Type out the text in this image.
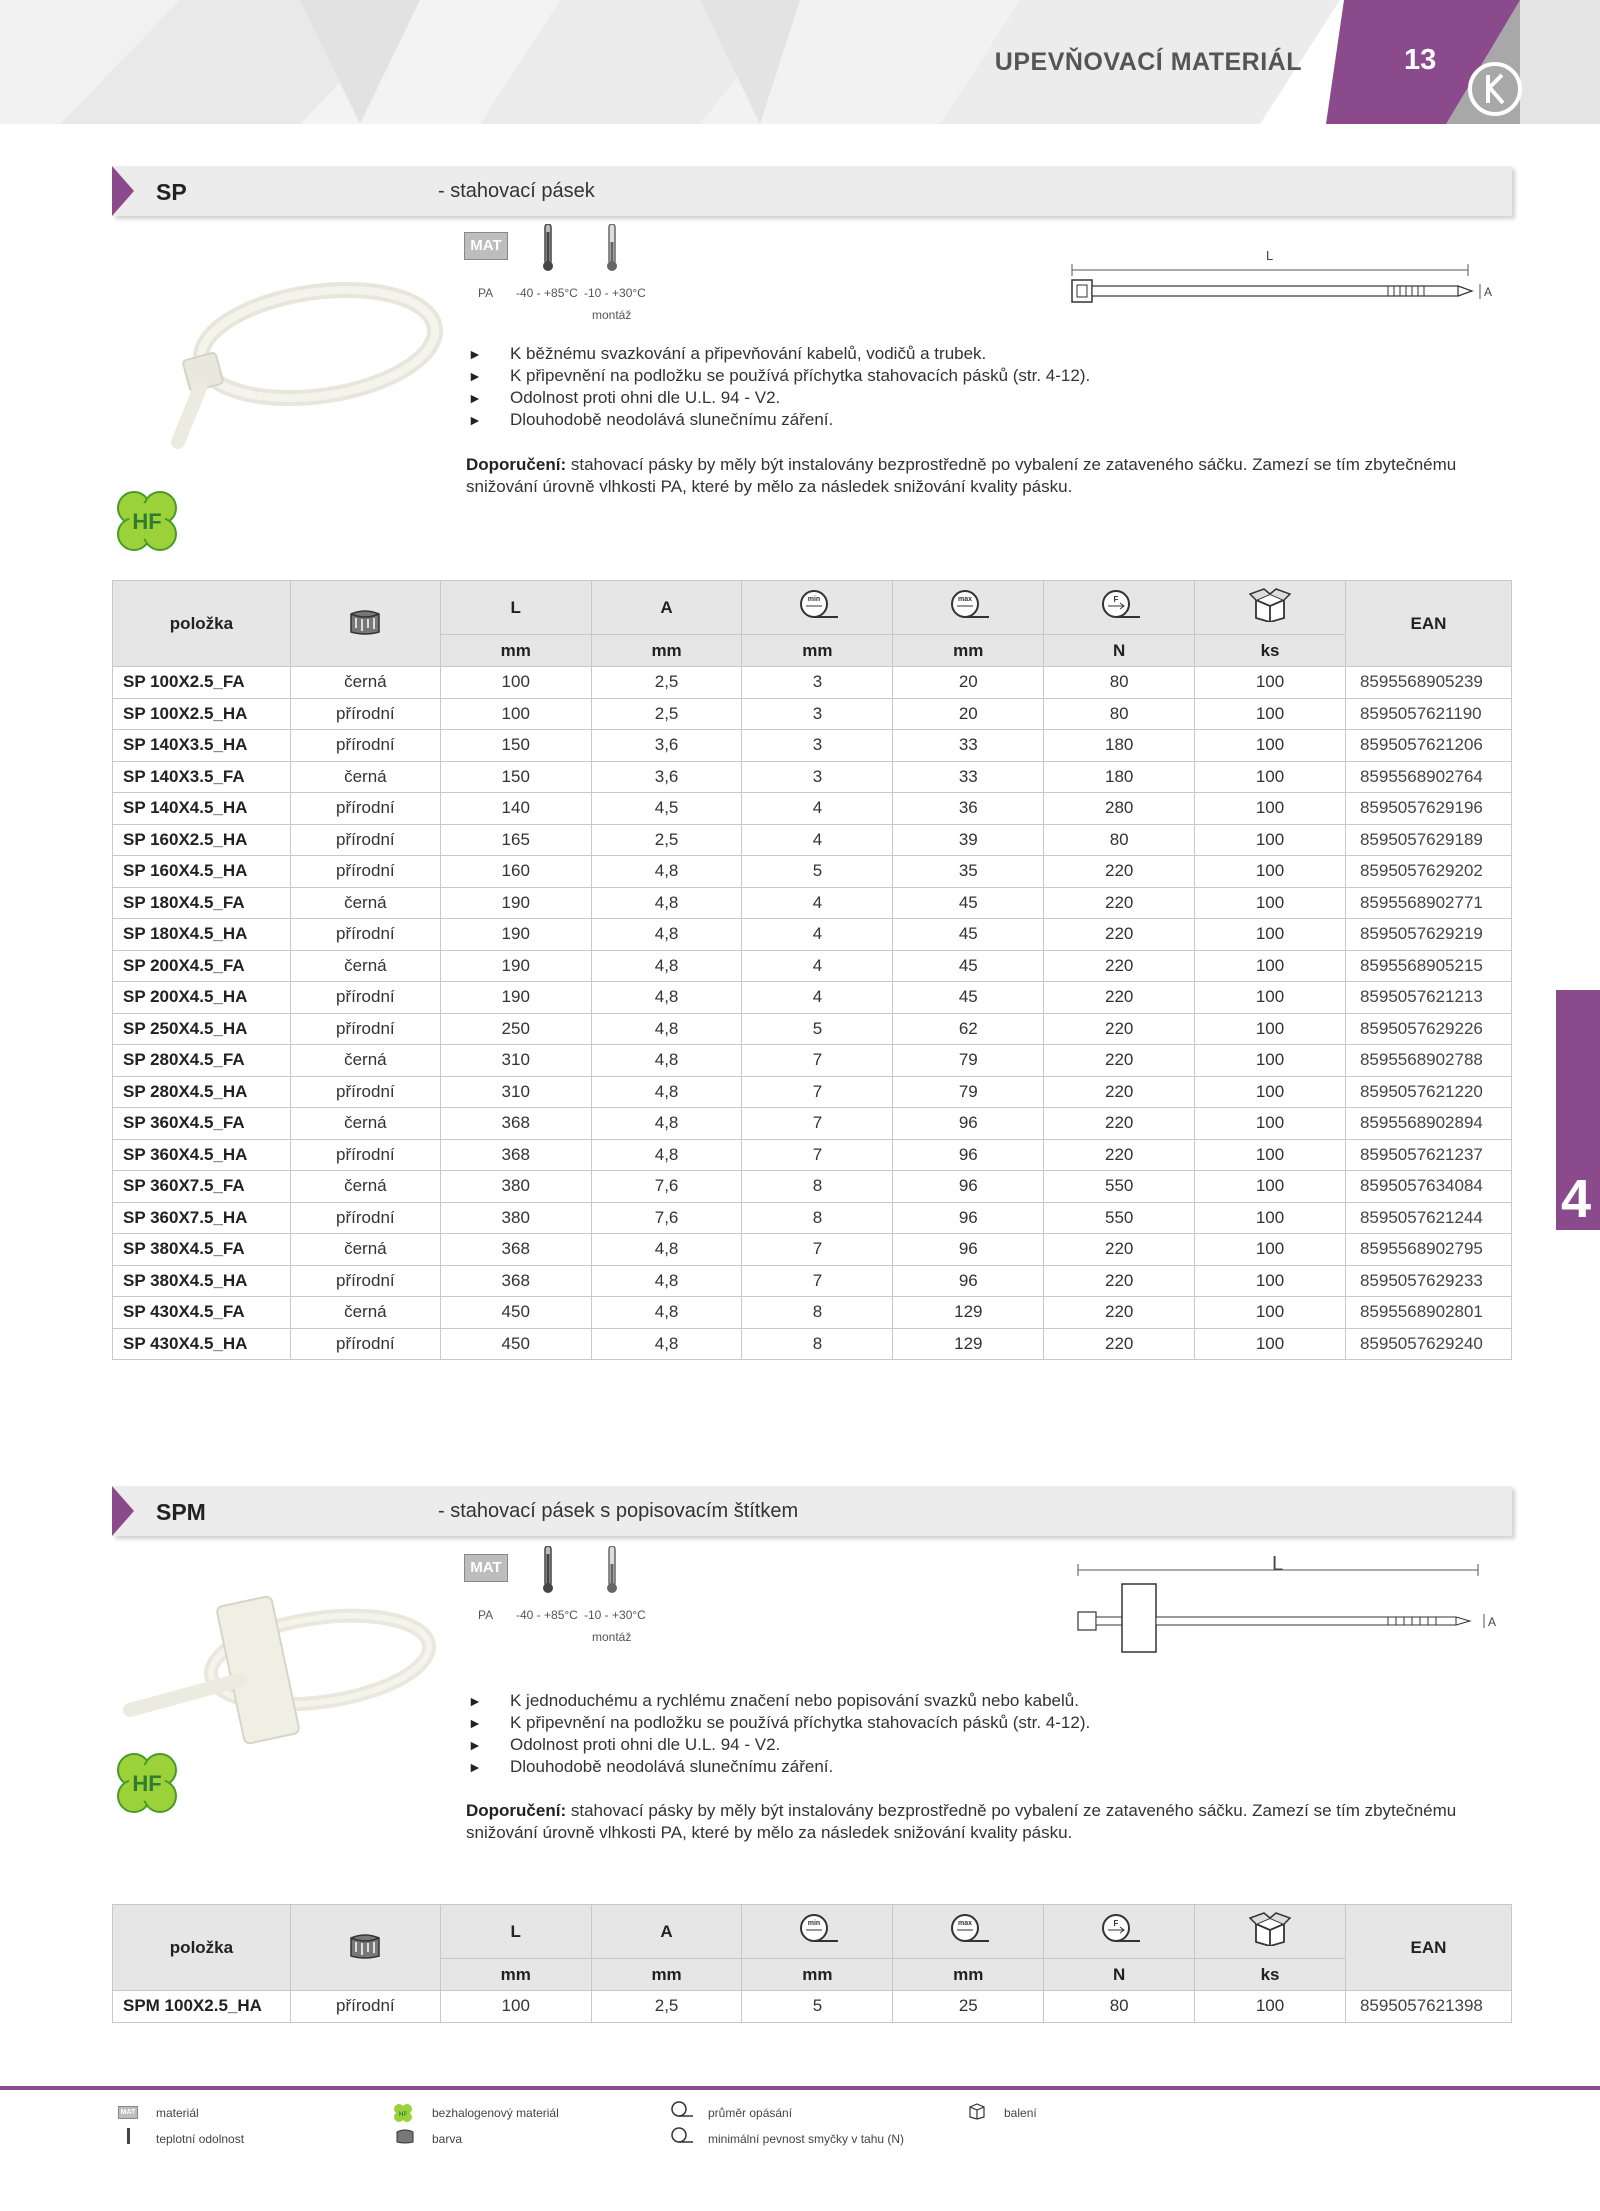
UPEVŇOVACÍ MATERIÁL	13
4
SP	- stahovací pásek
MAT
PA -40 - +85°C -10 - +30°C
montáž
L
A
HF
► K běžnému svazkování a připevňování kabelů, vodičů a trubek.
► K připevnění na podložku se používá příchytka stahovacích pásků (str. 4-12).
► Odolnost proti ohni dle U.L. 94 - V2.
► Dlouhodobě neodolává slunečnímu záření.
Doporučení: stahovací pásky by měly být instalovány bezprostředně po vybalení ze zataveného sáčku. Zamezí se tím zbytečnému snižování úrovně vlhkosti PA, které by mělo za následek snižování kvality pásku.
položka		L	A	min	max	F		EAN
		mm	mm	mm	mm	N	ks	
SP 100X2.5_FA	černá	100	2,5	3	20	80	100	8595568905239
SP 100X2.5_HA	přírodní	100	2,5	3	20	80	100	8595057621190
SP 140X3.5_HA	přírodní	150	3,6	3	33	180	100	8595057621206
SP 140X3.5_FA	černá	150	3,6	3	33	180	100	8595568902764
SP 140X4.5_HA	přírodní	140	4,5	4	36	280	100	8595057629196
SP 160X2.5_HA	přírodní	165	2,5	4	39	80	100	8595057629189
SP 160X4.5_HA	přírodní	160	4,8	5	35	220	100	8595057629202
SP 180X4.5_FA	černá	190	4,8	4	45	220	100	8595568902771
SP 180X4.5_HA	přírodní	190	4,8	4	45	220	100	8595057629219
SP 200X4.5_FA	černá	190	4,8	4	45	220	100	8595568905215
SP 200X4.5_HA	přírodní	190	4,8	4	45	220	100	8595057621213
SP 250X4.5_HA	přírodní	250	4,8	5	62	220	100	8595057629226
SP 280X4.5_FA	černá	310	4,8	7	79	220	100	8595568902788
SP 280X4.5_HA	přírodní	310	4,8	7	79	220	100	8595057621220
SP 360X4.5_FA	černá	368	4,8	7	96	220	100	8595568902894
SP 360X4.5_HA	přírodní	368	4,8	7	96	220	100	8595057621237
SP 360X7.5_FA	černá	380	7,6	8	96	550	100	8595057634084
SP 360X7.5_HA	přírodní	380	7,6	8	96	550	100	8595057621244
SP 380X4.5_FA	černá	368	4,8	7	96	220	100	8595568902795
SP 380X4.5_HA	přírodní	368	4,8	7	96	220	100	8595057629233
SP 430X4.5_FA	černá	450	4,8	8	129	220	100	8595568902801
SP 430X4.5_HA	přírodní	450	4,8	8	129	220	100	8595057629240
SPM	- stahovací pásek s popisovacím štítkem
MAT
PA -40 - +85°C -10 - +30°C
montáž
L
A
HF
► K jednoduchému a rychlému značení nebo popisování svazků nebo kabelů.
► K připevnění na podložku se používá příchytka stahovacích pásků (str. 4-12).
► Odolnost proti ohni dle U.L. 94 - V2.
► Dlouhodobě neodolává slunečnímu záření.
Doporučení: stahovací pásky by měly být instalovány bezprostředně po vybalení ze zataveného sáčku. Zamezí se tím zbytečnému snižování úrovně vlhkosti PA, které by mělo za následek snižování kvality pásku.
položka		L	A	min	max	F		EAN
		mm	mm	mm	mm	N	ks	
SPM 100X2.5_HA	přírodní	100	2,5	5	25	80	100	8595057621398
MAT materiál
teplotní odolnost
HF bezhalogenový materiál
barva
průměr opásání
minimální pevnost smyčky v tahu (N)
balení
